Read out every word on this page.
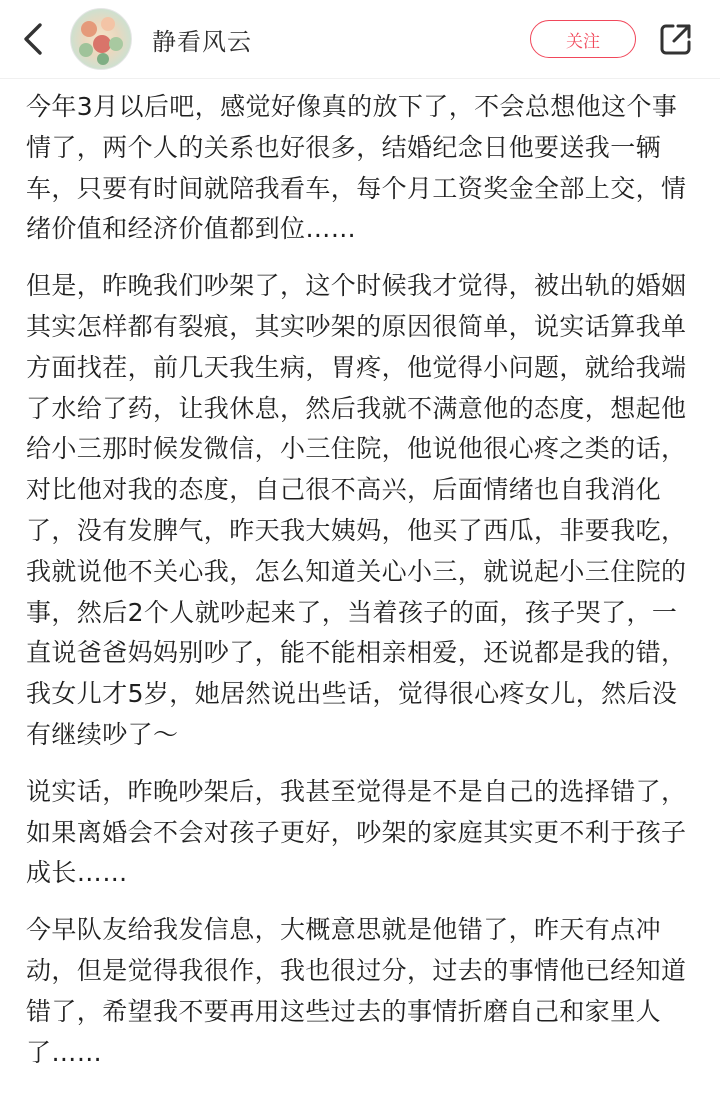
静看风云	关注

今年3月以后吧，感觉好像真的放下了，不会总想他这个事情了，两个人的关系也好很多，结婚纪念日他要送我一辆车，只要有时间就陪我看车，每个月工资奖金全部上交，情绪价值和经济价值都到位……

但是，昨晚我们吵架了，这个时候我才觉得，被出轨的婚姻其实怎样都有裂痕，其实吵架的原因很简单，说实话算我单方面找茬，前几天我生病，胃疼，他觉得小问题，就给我端了水给了药，让我休息，然后我就不满意他的态度，想起他给小三那时候发微信，小三住院，他说他很心疼之类的话，对比他对我的态度，自己很不高兴，后面情绪也自我消化了，没有发脾气，昨天我大姨妈，他买了西瓜，非要我吃，我就说他不关心我，怎么知道关心小三，就说起小三住院的事，然后2个人就吵起来了，当着孩子的面，孩子哭了，一直说爸爸妈妈别吵了，能不能相亲相爱，还说都是我的错，我女儿才5岁，她居然说出些话，觉得很心疼女儿，然后没有继续吵了～

说实话，昨晚吵架后，我甚至觉得是不是自己的选择错了，如果离婚会不会对孩子更好，吵架的家庭其实更不利于孩子成长……

今早队友给我发信息，大概意思就是他错了，昨天有点冲动，但是觉得我很作，我也很过分，过去的事情他已经知道错了，希望我不要再用这些过去的事情折磨自己和家里人了……
